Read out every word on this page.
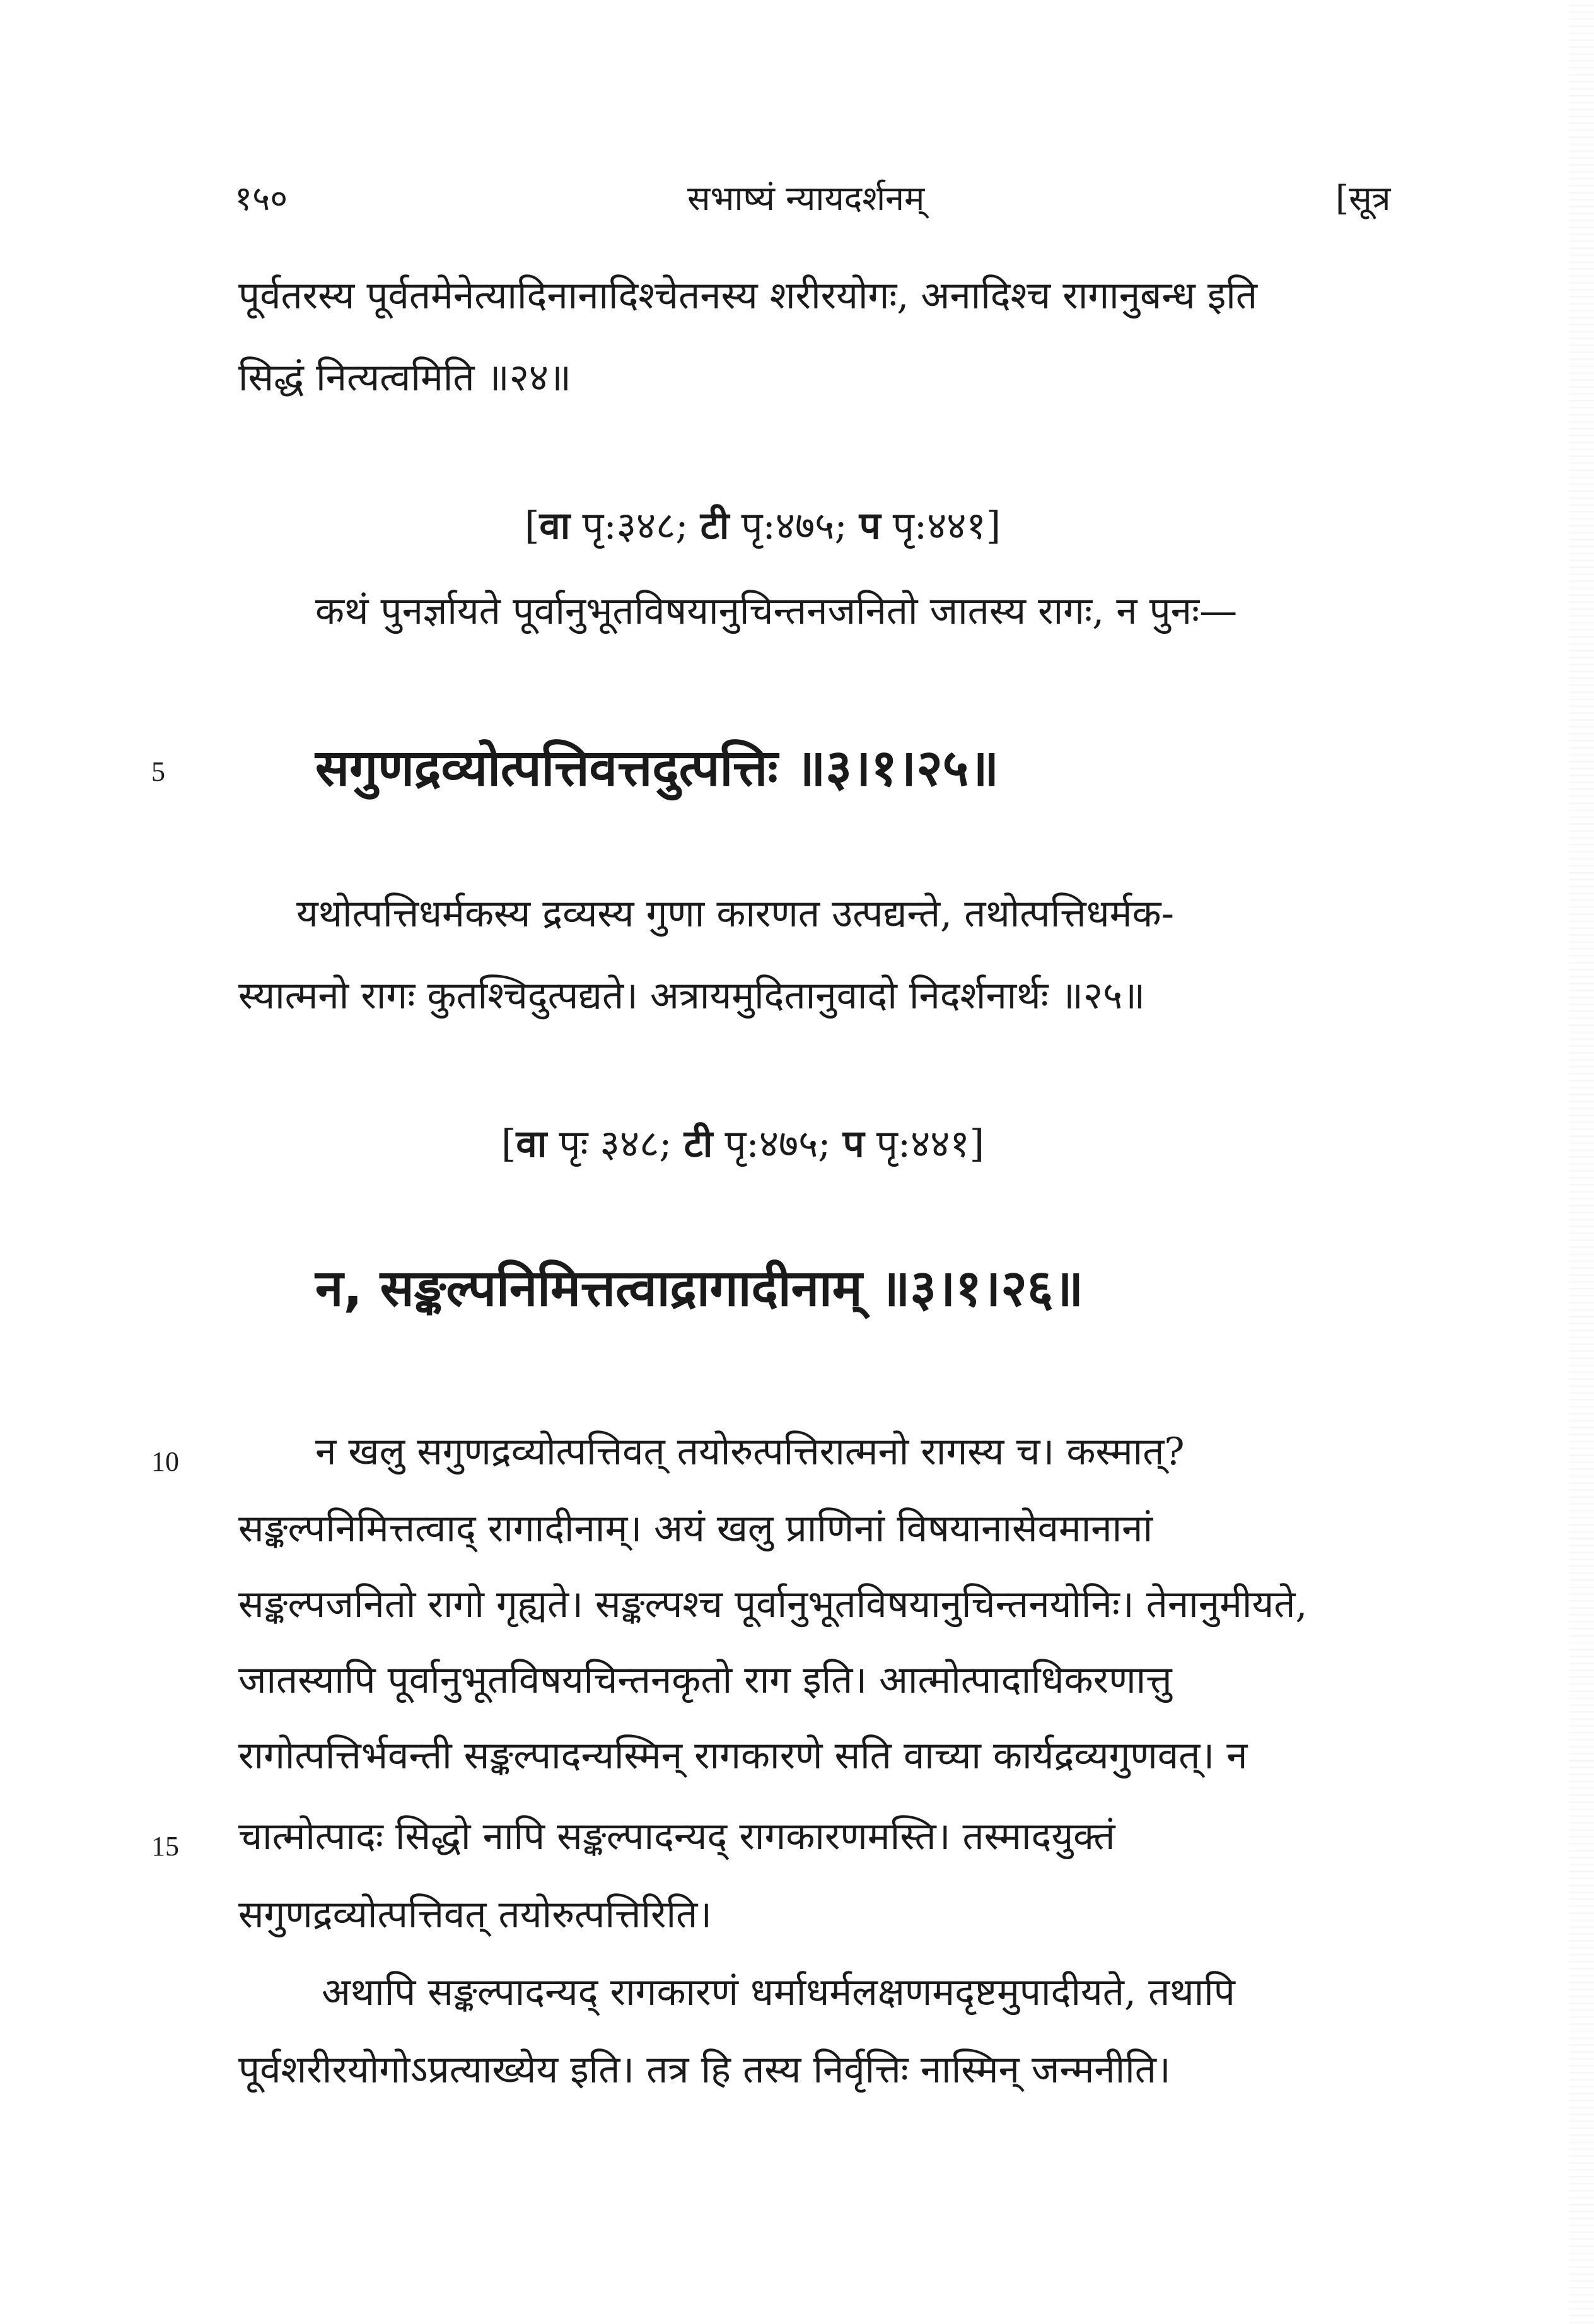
१५०	सभाष्यं न्यायदर्शनम्	[सूत्र
पूर्वतरस्य पूर्वतमेनेत्यादिनानादिश्चेतनस्य शरीरयोगः, अनादिश्च रागानुबन्ध इति
सिद्धं नित्यत्वमिति ॥२४॥
[वा पृ:३४८; टी पृ:४७५; प पृ:४४१]
कथं पुनर्ज्ञायते पूर्वानुभूतविषयानुचिन्तनजनितो जातस्य रागः, न पुनः—
5	सगुणद्रव्योत्पत्तिवत्तदुत्पत्तिः ॥३।१।२५॥
यथोत्पत्तिधर्मकस्य द्रव्यस्य गुणा कारणत उत्पद्यन्ते, तथोत्पत्तिधर्मक-
स्यात्मनो रागः कुतश्चिदुत्पद्यते। अत्रायमुदितानुवादो निदर्शनार्थः ॥२५॥
[वा पृः ३४८; टी पृ:४७५; प पृ:४४१]
न, सङ्कल्पनिमित्तत्वाद्रागादीनाम् ॥३।१।२६॥
10	न खलु सगुणद्रव्योत्पत्तिवत् तयोरुत्पत्तिरात्मनो रागस्य च। कस्मात्?
सङ्कल्पनिमित्तत्वाद् रागादीनाम्। अयं खलु प्राणिनां विषयानासेवमानानां
सङ्कल्पजनितो रागो गृह्यते। सङ्कल्पश्च पूर्वानुभूतविषयानुचिन्तनयोनिः। तेनानुमीयते,
जातस्यापि पूर्वानुभूतविषयचिन्तनकृतो राग इति। आत्मोत्पादाधिकरणात्तु
रागोत्पत्तिर्भवन्ती सङ्कल्पादन्यस्मिन् रागकारणे सति वाच्या कार्यद्रव्यगुणवत्। न
15 चात्मोत्पादः सिद्धो नापि सङ्कल्पादन्यद् रागकारणमस्ति। तस्मादयुक्तं
सगुणद्रव्योत्पत्तिवत् तयोरुत्पत्तिरिति।
अथापि सङ्कल्पादन्यद् रागकारणं धर्माधर्मलक्षणमदृष्टमुपादीयते, तथापि
पूर्वशरीरयोगोऽप्रत्याख्येय इति। तत्र हि तस्य निर्वृत्तिः नास्मिन् जन्मनीति।
